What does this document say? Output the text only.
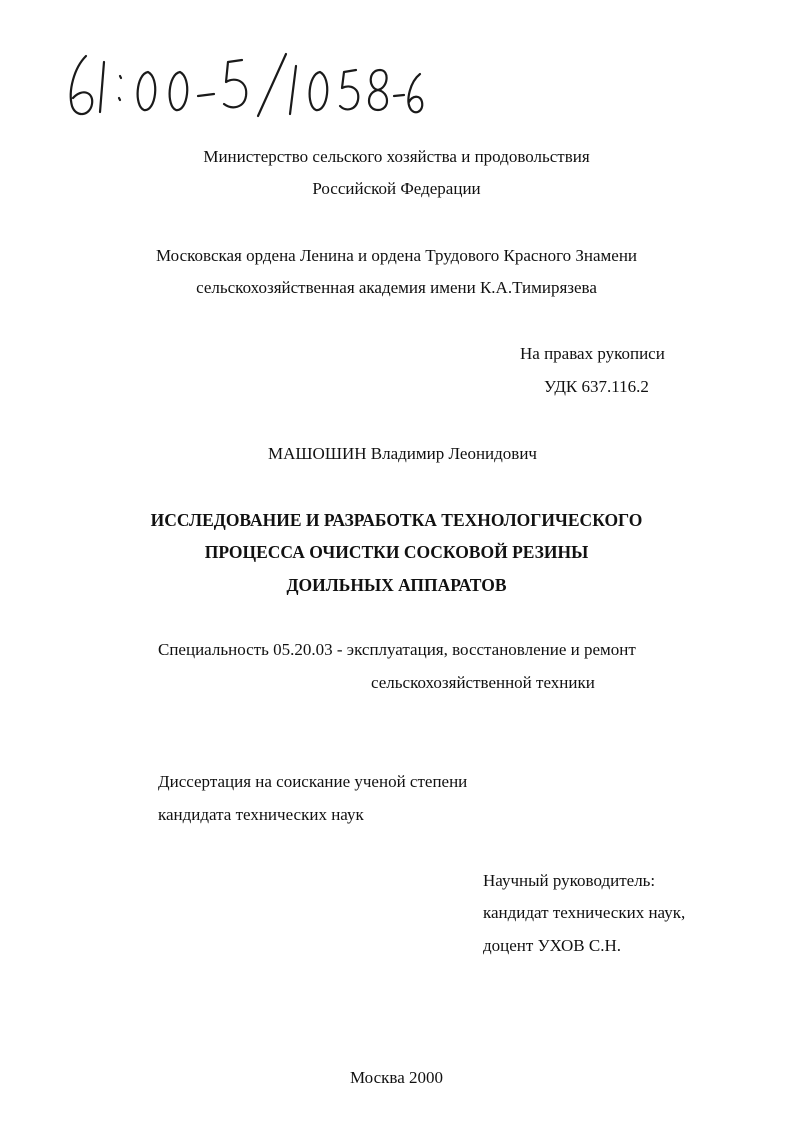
Министерство сельского хозяйства и продовольствия
Российской Федерации
Московская ордена Ленина и ордена Трудового Красного Знамени
сельскохозяйственная академия имени К.А.Тимирязева
На правах рукописи
УДК 637.116.2
МАШОШИН Владимир Леонидович
ИССЛЕДОВАНИЕ И РАЗРАБОТКА ТЕХНОЛОГИЧЕСКОГО
ПРОЦЕССА ОЧИСТКИ СОСКОВОЙ РЕЗИНЫ
ДОИЛЬНЫХ АППАРАТОВ
Специальность 05.20.03 - эксплуатация, восстановление и ремонт
сельскохозяйственной техники
Диссертация на соискание ученой степени
кандидата технических наук
Научный руководитель:
кандидат технических наук,
доцент УХОВ С.Н.
Москва 2000
